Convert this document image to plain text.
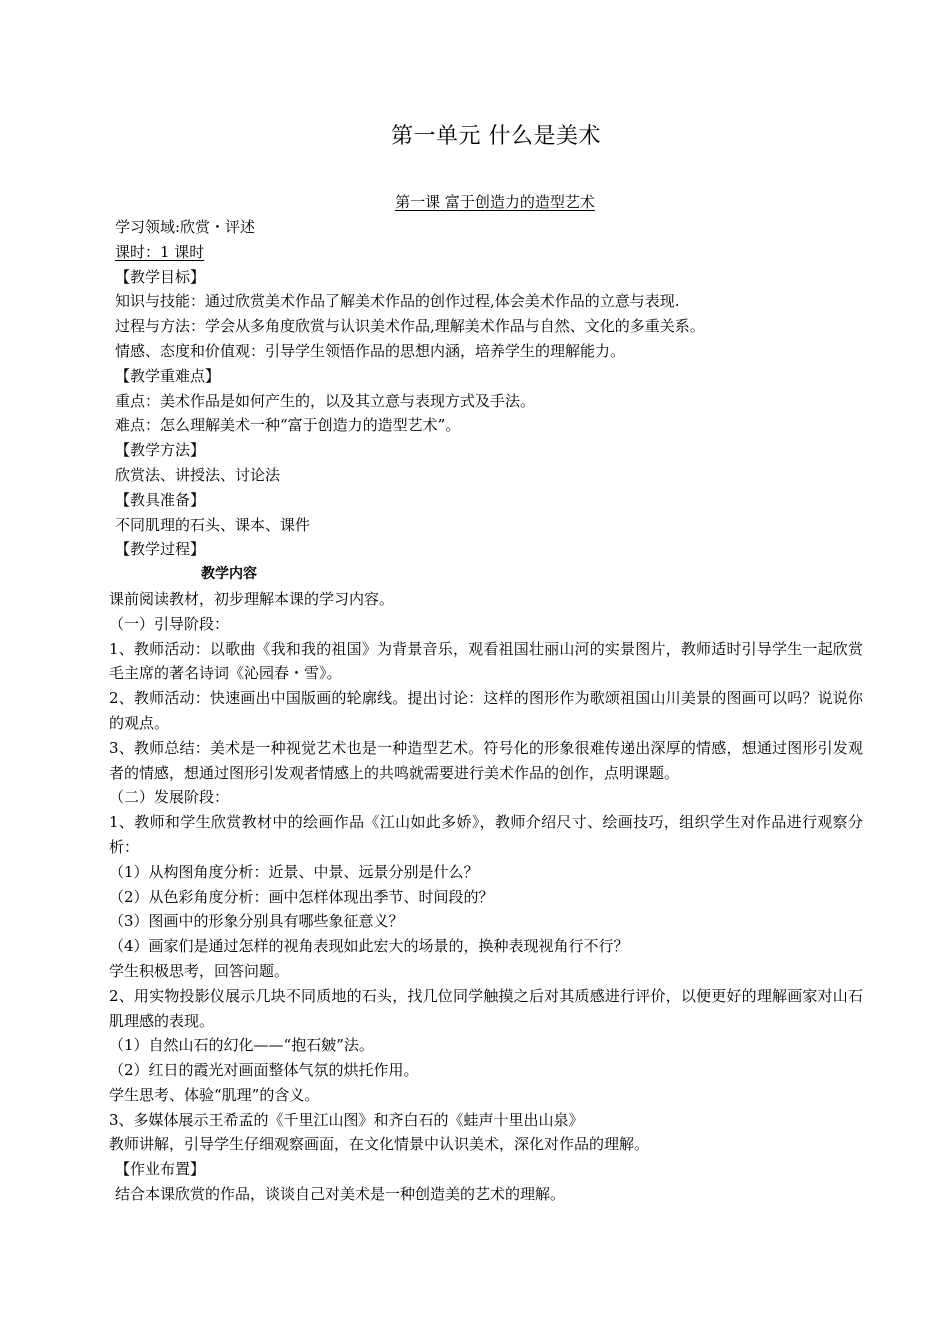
第一单元 什么是美术
第一课 富于创造力的造型艺术
学习领域:欣赏・评述
课时：1 课时
【教学目标】
知识与技能：通过欣赏美术作品了解美术作品的创作过程,体会美术作品的立意与表现.
过程与方法：学会从多角度欣赏与认识美术作品,理解美术作品与自然、文化的多重关系。
情感、态度和价值观：引导学生领悟作品的思想内涵，培养学生的理解能力。
【教学重难点】
重点：美术作品是如何产生的，以及其立意与表现方式及手法。
难点：怎么理解美术一种“富于创造力的造型艺术”。
【教学方法】
欣赏法、讲授法、讨论法
【教具准备】
不同肌理的石头、课本、课件
【教学过程】
教学内容
课前阅读教材，初步理解本课的学习内容。
（一）引导阶段：
1、教师活动：以歌曲《我和我的祖国》为背景音乐，观看祖国壮丽山河的实景图片，教师适时引导学生一起欣赏毛主席的著名诗词《沁园春・雪》。
2、教师活动：快速画出中国版画的轮廓线。提出讨论：这样的图形作为歌颂祖国山川美景的图画可以吗？说说你的观点。
3、教师总结：美术是一种视觉艺术也是一种造型艺术。符号化的形象很难传递出深厚的情感，想通过图形引发观者的情感，想通过图形引发观者情感上的共鸣就需要进行美术作品的创作，点明课题。
（二）发展阶段：
1、教师和学生欣赏教材中的绘画作品《江山如此多娇》，教师介绍尺寸、绘画技巧，组织学生对作品进行观察分析：
（1）从构图角度分析：近景、中景、远景分别是什么？
（2）从色彩角度分析：画中怎样体现出季节、时间段的？
（3）图画中的形象分别具有哪些象征意义？
（4）画家们是通过怎样的视角表现如此宏大的场景的，换种表现视角行不行？
学生积极思考，回答问题。
2、用实物投影仪展示几块不同质地的石头，找几位同学触摸之后对其质感进行评价，以便更好的理解画家对山石肌理感的表现。
（1）自然山石的幻化——“抱石皴”法。
（2）红日的霞光对画面整体气氛的烘托作用。
学生思考、体验“肌理”的含义。
3、多媒体展示王希孟的《千里江山图》和齐白石的《蛙声十里出山泉》
教师讲解，引导学生仔细观察画面，在文化情景中认识美术，深化对作品的理解。
【作业布置】
结合本课欣赏的作品，谈谈自己对美术是一种创造美的艺术的理解。
